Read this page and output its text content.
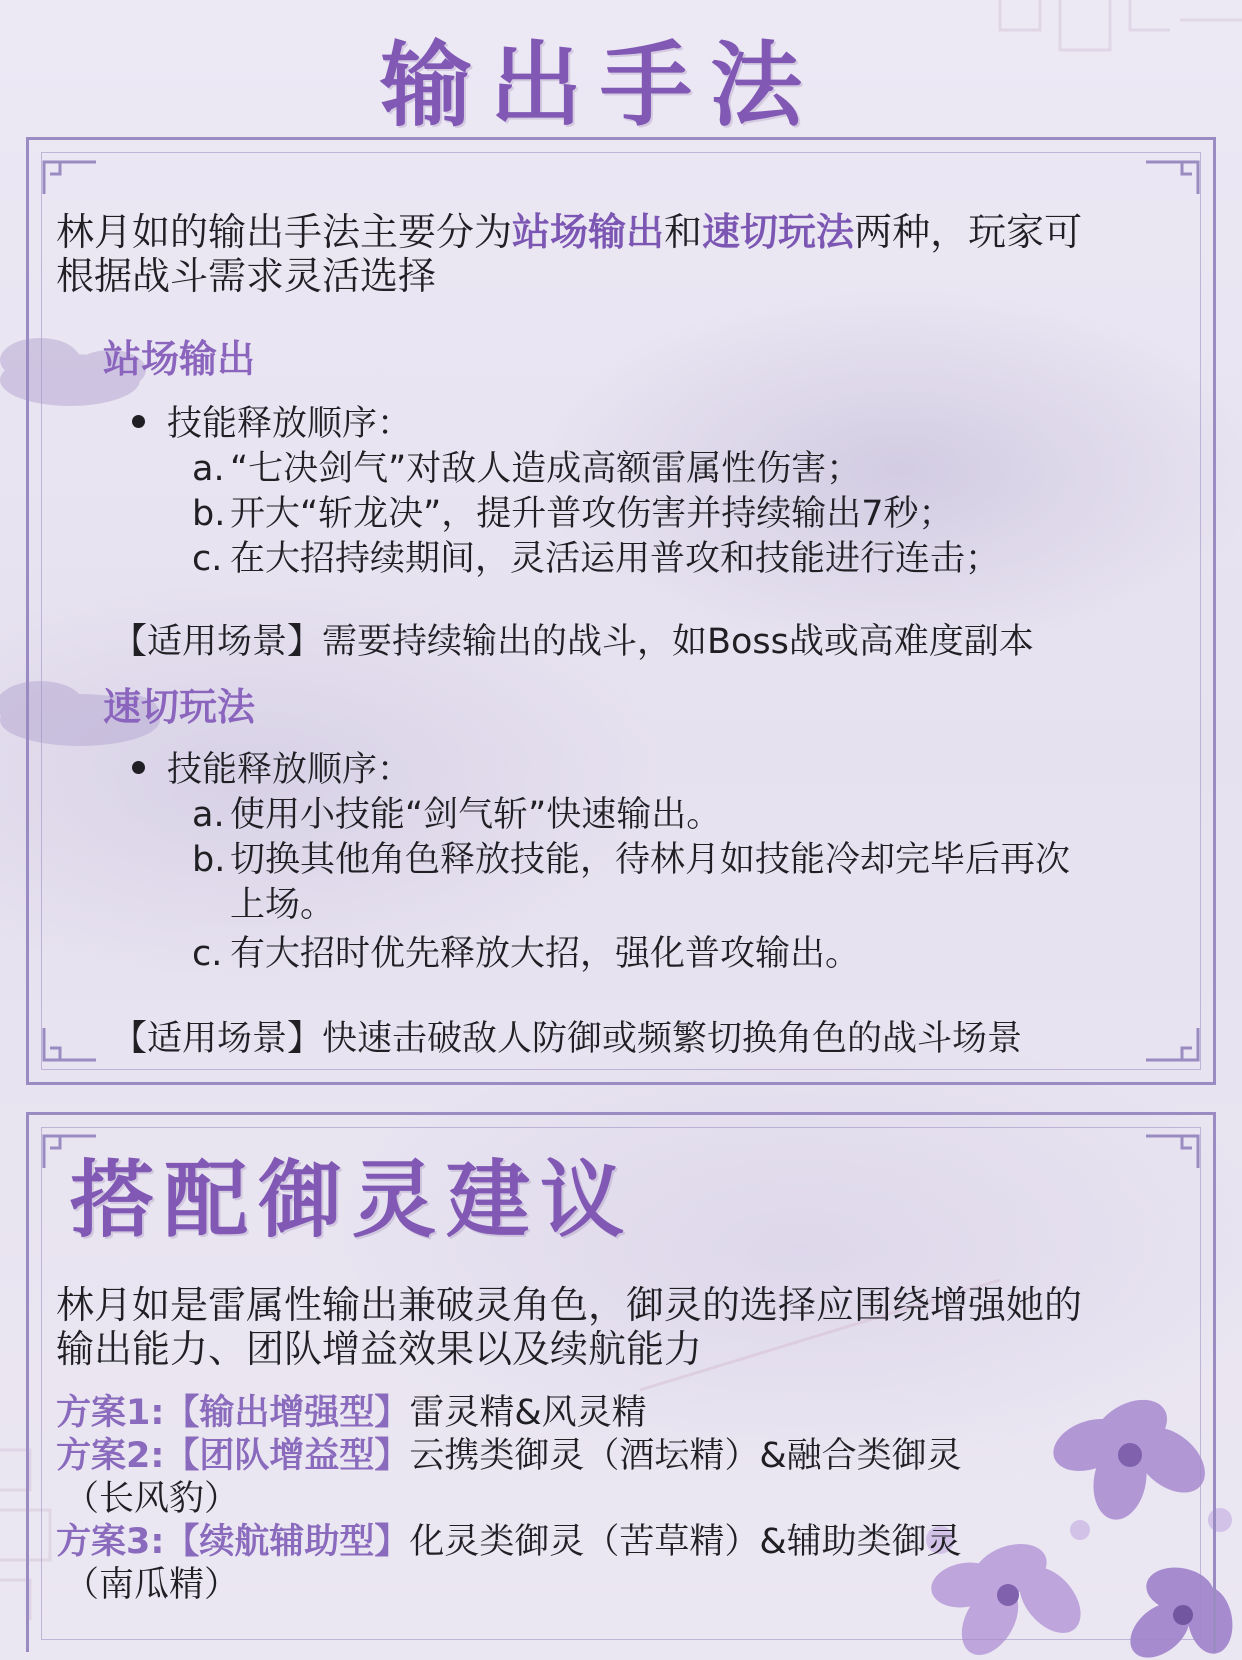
输出手法
林月如的输出手法主要分为站场输出和速切玩法两种，玩家可
根据战斗需求灵活选择
站场输出
技能释放顺序：
a. “七决剑气”对敌人造成高额雷属性伤害；
b. 开大“斩龙决”，提升普攻伤害并持续输出7秒；
c. 在大招持续期间，灵活运用普攻和技能进行连击；
【适用场景】需要持续输出的战斗，如Boss战或高难度副本
速切玩法
技能释放顺序：
a. 使用小技能“剑气斩”快速输出。
b. 切换其他角色释放技能，待林月如技能冷却完毕后再次
上场。
c. 有大招时优先释放大招，强化普攻输出。
【适用场景】快速击破敌人防御或频繁切换角色的战斗场景
搭配御灵建议
林月如是雷属性输出兼破灵角色，御灵的选择应围绕增强她的
输出能力、团队增益效果以及续航能力
方案1:【输出增强型】雷灵精&风灵精
方案2:【团队增益型】云携类御灵（酒坛精）&融合类御灵
（长风豹）
方案3:【续航辅助型】化灵类御灵（苦草精）&辅助类御灵
（南瓜精）
